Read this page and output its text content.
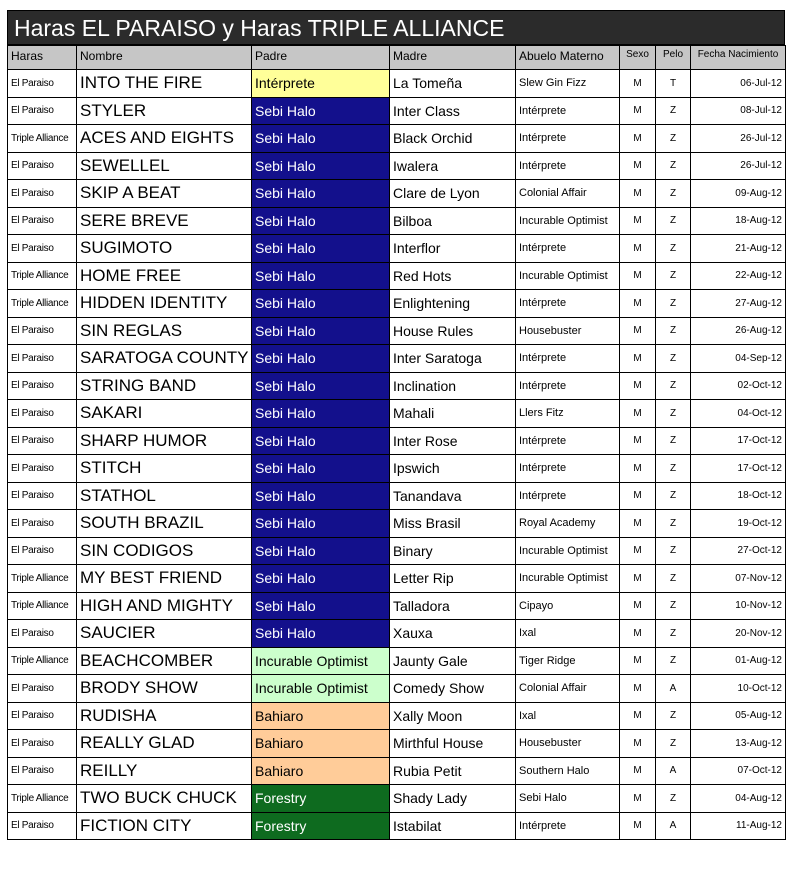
Haras EL PARAISO y Haras TRIPLE ALLIANCE
Haras	Nombre	Padre	Madre	Abuelo Materno	Sexo	Pelo	Fecha Nacimiento
El Paraiso	INTO THE FIRE	Intérprete	La Tomeña	Slew Gin Fizz	M	T	06-Jul-12
El Paraiso	STYLER	Sebi Halo	Inter Class	Intérprete	M	Z	08-Jul-12
Triple Alliance	ACES AND EIGHTS	Sebi Halo	Black Orchid	Intérprete	M	Z	26-Jul-12
El Paraiso	SEWELLEL	Sebi Halo	Iwalera	Intérprete	M	Z	26-Jul-12
El Paraiso	SKIP A BEAT	Sebi Halo	Clare de Lyon	Colonial Affair	M	Z	09-Aug-12
El Paraiso	SERE BREVE	Sebi Halo	Bilboa	Incurable Optimist	M	Z	18-Aug-12
El Paraiso	SUGIMOTO	Sebi Halo	Interflor	Intérprete	M	Z	21-Aug-12
Triple Alliance	HOME FREE	Sebi Halo	Red Hots	Incurable Optimist	M	Z	22-Aug-12
Triple Alliance	HIDDEN IDENTITY	Sebi Halo	Enlightening	Intérprete	M	Z	27-Aug-12
El Paraiso	SIN REGLAS	Sebi Halo	House Rules	Housebuster	M	Z	26-Aug-12
El Paraiso	SARATOGA COUNTY	Sebi Halo	Inter Saratoga	Intérprete	M	Z	04-Sep-12
El Paraiso	STRING BAND	Sebi Halo	Inclination	Intérprete	M	Z	02-Oct-12
El Paraiso	SAKARI	Sebi Halo	Mahali	Llers Fitz	M	Z	04-Oct-12
El Paraiso	SHARP HUMOR	Sebi Halo	Inter Rose	Intérprete	M	Z	17-Oct-12
El Paraiso	STITCH	Sebi Halo	Ipswich	Intérprete	M	Z	17-Oct-12
El Paraiso	STATHOL	Sebi Halo	Tanandava	Intérprete	M	Z	18-Oct-12
El Paraiso	SOUTH BRAZIL	Sebi Halo	Miss Brasil	Royal Academy	M	Z	19-Oct-12
El Paraiso	SIN CODIGOS	Sebi Halo	Binary	Incurable Optimist	M	Z	27-Oct-12
Triple Alliance	MY BEST FRIEND	Sebi Halo	Letter Rip	Incurable Optimist	M	Z	07-Nov-12
Triple Alliance	HIGH AND MIGHTY	Sebi Halo	Talladora	Cipayo	M	Z	10-Nov-12
El Paraiso	SAUCIER	Sebi Halo	Xauxa	Ixal	M	Z	20-Nov-12
Triple Alliance	BEACHCOMBER	Incurable Optimist	Jaunty Gale	Tiger Ridge	M	Z	01-Aug-12
El Paraiso	BRODY SHOW	Incurable Optimist	Comedy Show	Colonial Affair	M	A	10-Oct-12
El Paraiso	RUDISHA	Bahiaro	Xally Moon	Ixal	M	Z	05-Aug-12
El Paraiso	REALLY GLAD	Bahiaro	Mirthful House	Housebuster	M	Z	13-Aug-12
El Paraiso	REILLY	Bahiaro	Rubia Petit	Southern Halo	M	A	07-Oct-12
Triple Alliance	TWO BUCK CHUCK	Forestry	Shady Lady	Sebi Halo	M	Z	04-Aug-12
El Paraiso	FICTION CITY	Forestry	Istabilat	Intérprete	M	A	11-Aug-12
